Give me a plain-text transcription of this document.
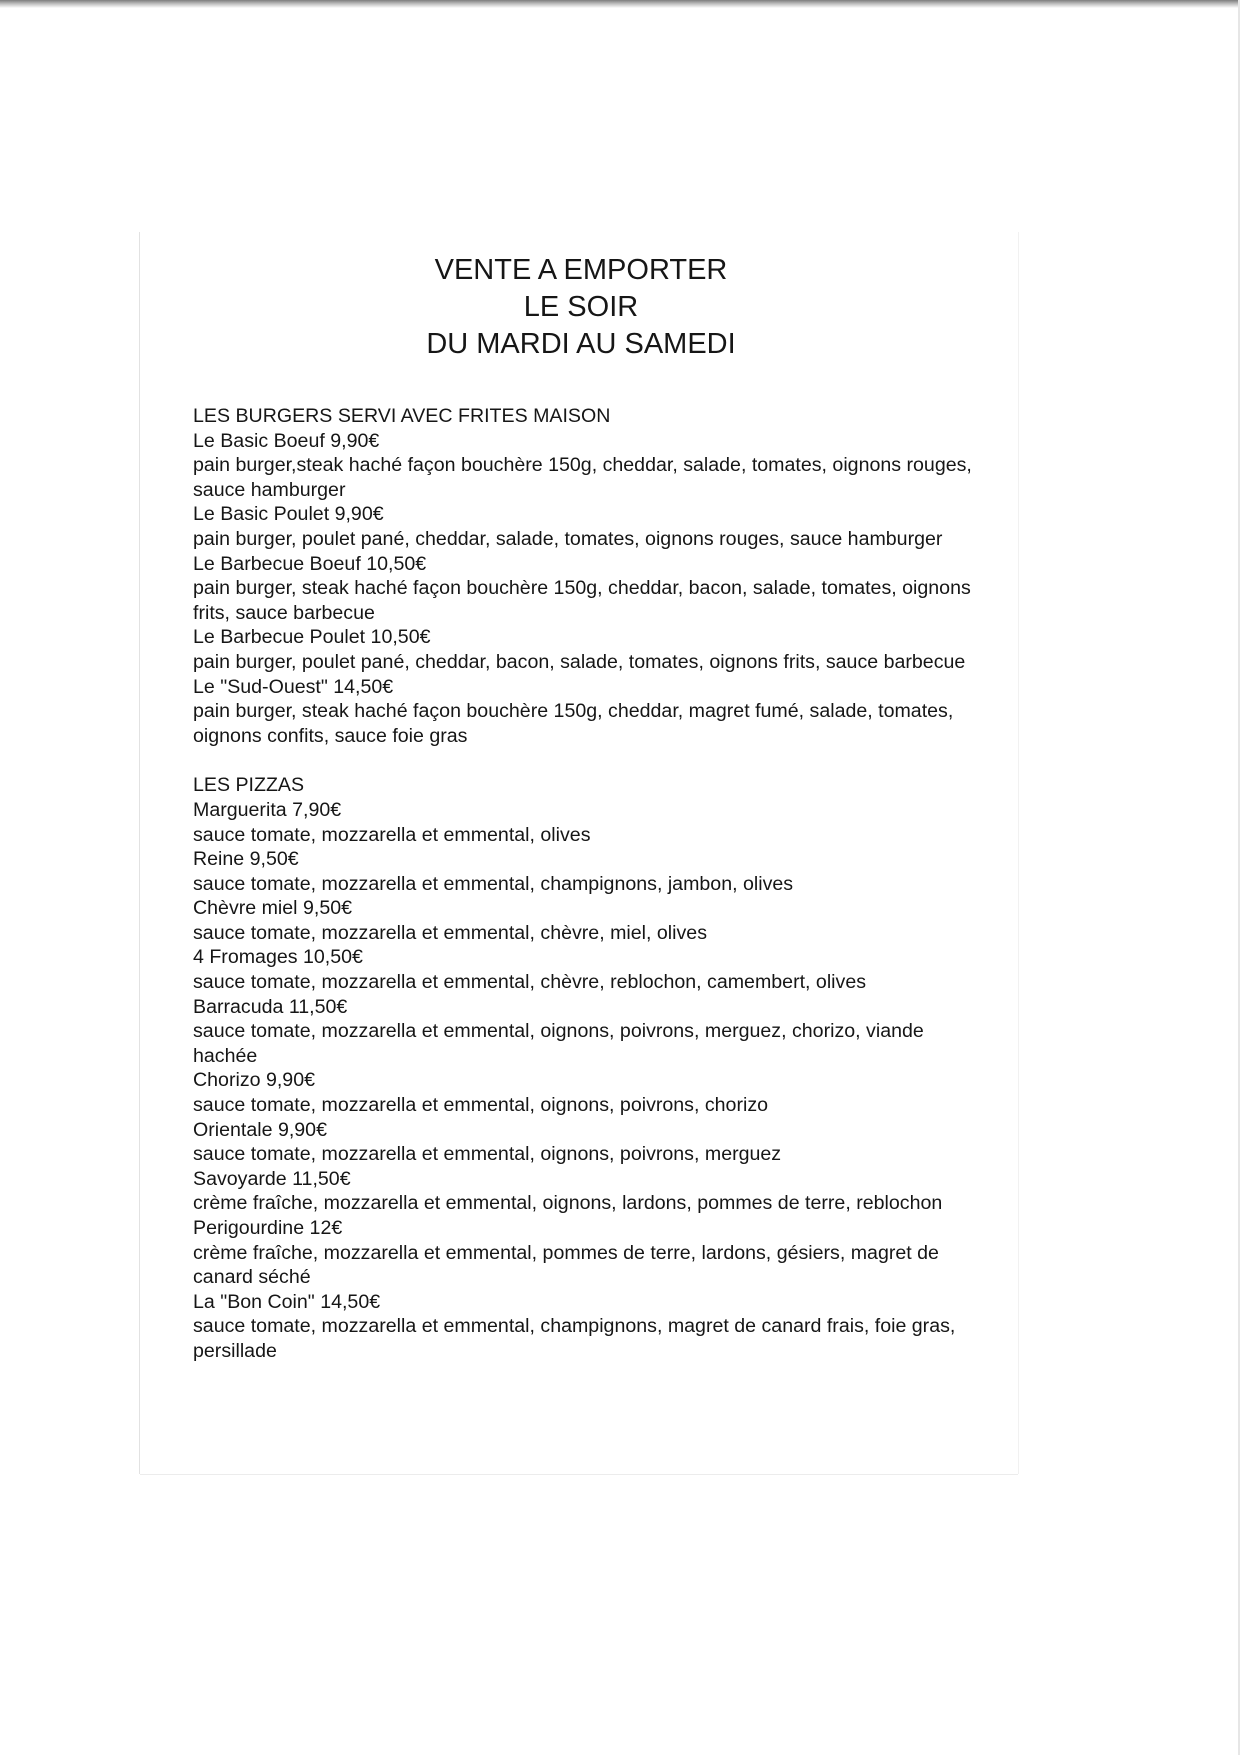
VENTE A EMPORTER
LE SOIR
DU MARDI AU SAMEDI
LES BURGERS SERVI AVEC FRITES MAISON
Le Basic Boeuf 9,90€
pain burger,steak haché façon bouchère 150g, cheddar, salade, tomates, oignons rouges, sauce hamburger
Le Basic Poulet 9,90€
pain burger, poulet pané, cheddar, salade, tomates, oignons rouges, sauce hamburger
Le Barbecue Boeuf 10,50€
pain burger, steak haché façon bouchère 150g, cheddar, bacon, salade, tomates, oignons frits, sauce barbecue
Le Barbecue Poulet 10,50€
pain burger, poulet pané, cheddar, bacon, salade, tomates, oignons frits, sauce barbecue
Le "Sud-Ouest" 14,50€
pain burger, steak haché façon bouchère 150g, cheddar, magret fumé, salade, tomates, oignons confits, sauce foie gras
LES PIZZAS
Marguerita 7,90€
sauce tomate, mozzarella et emmental, olives
Reine 9,50€
sauce tomate, mozzarella et emmental, champignons, jambon, olives
Chèvre miel 9,50€
sauce tomate, mozzarella et emmental, chèvre, miel, olives
4 Fromages 10,50€
sauce tomate, mozzarella et emmental, chèvre, reblochon, camembert, olives
Barracuda 11,50€
sauce tomate, mozzarella et emmental, oignons, poivrons, merguez, chorizo, viande hachée
Chorizo 9,90€
sauce tomate, mozzarella et emmental, oignons, poivrons, chorizo
Orientale 9,90€
sauce tomate, mozzarella et emmental, oignons, poivrons, merguez
Savoyarde 11,50€
crème fraîche, mozzarella et emmental, oignons, lardons, pommes de terre, reblochon
Perigourdine 12€
crème fraîche, mozzarella et emmental, pommes de terre, lardons, gésiers, magret de canard séché
La "Bon Coin" 14,50€
sauce tomate, mozzarella et emmental, champignons, magret de canard frais, foie gras, persillade
